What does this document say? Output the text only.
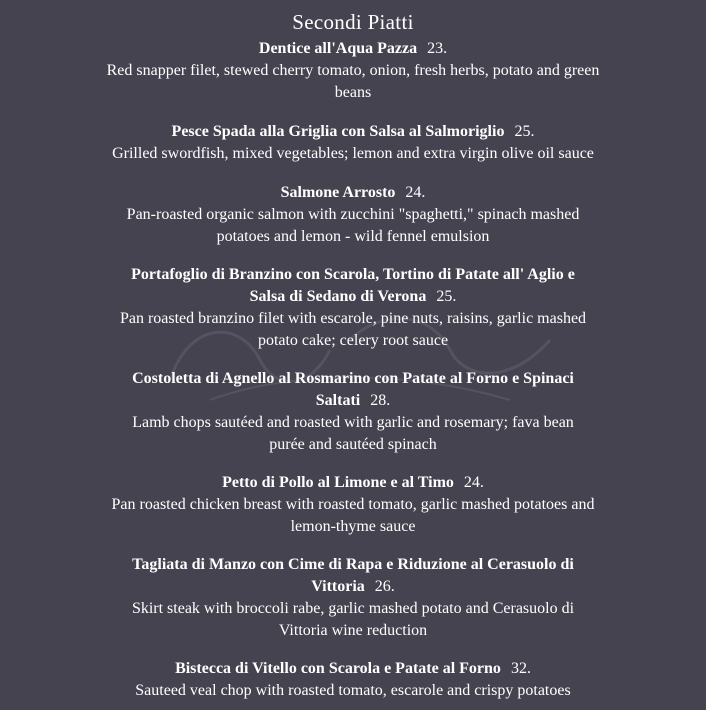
Secondi Piatti
Dentice all'Aqua Pazza 23.
Red snapper filet, stewed cherry tomato, onion, fresh herbs, potato and green beans
Pesce Spada alla Griglia con Salsa al Salmoriglio 25.
Grilled swordfish, mixed vegetables; lemon and extra virgin olive oil sauce
Salmone Arrosto 24.
Pan-roasted organic salmon with zucchini "spaghetti," spinach mashed potatoes and lemon - wild fennel emulsion
Portafoglio di Branzino con Scarola, Tortino di Patate all' Aglio e Salsa di Sedano di Verona 25.
Pan roasted branzino filet with escarole, pine nuts, raisins, garlic mashed potato cake; celery root sauce
Costoletta di Agnello al Rosmarino con Patate al Forno e Spinaci Saltati 28.
Lamb chops sautéed and roasted with garlic and rosemary; fava bean purée and sautéed spinach
Petto di Pollo al Limone e al Timo 24.
Pan roasted chicken breast with roasted tomato, garlic mashed potatoes and lemon-thyme sauce
Tagliata di Manzo con Cime di Rapa e Riduzione al Cerasuolo di Vittoria 26.
Skirt steak with broccoli rabe, garlic mashed potato and Cerasuolo di Vittoria wine reduction
Bistecca di Vitello con Scarola e Patate al Forno 32.
Sauteed veal chop with roasted tomato, escarole and crispy potatoes
